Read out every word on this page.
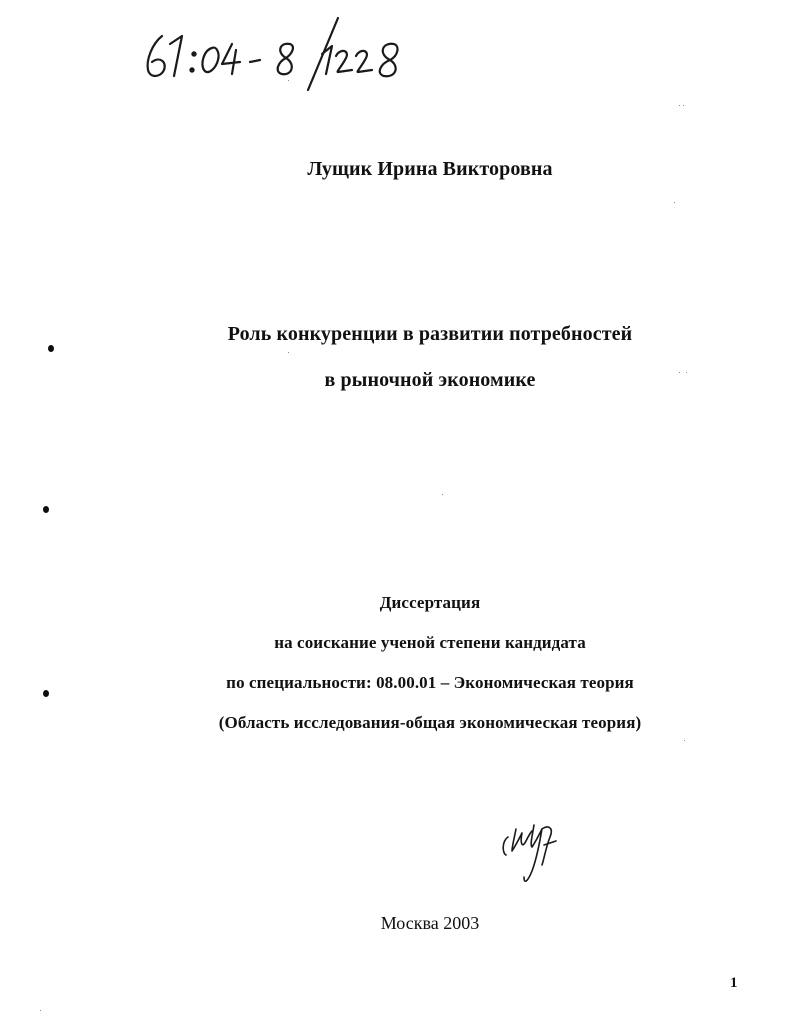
Лущик Ирина Викторовна
Роль конкуренции в развитии потребностей
в рыночной экономике
Диссертация
на соискание ученой степени кандидата
по специальности: 08.00.01 – Экономическая теория
(Область исследования-общая экономическая теория)
Москва 2003
1
